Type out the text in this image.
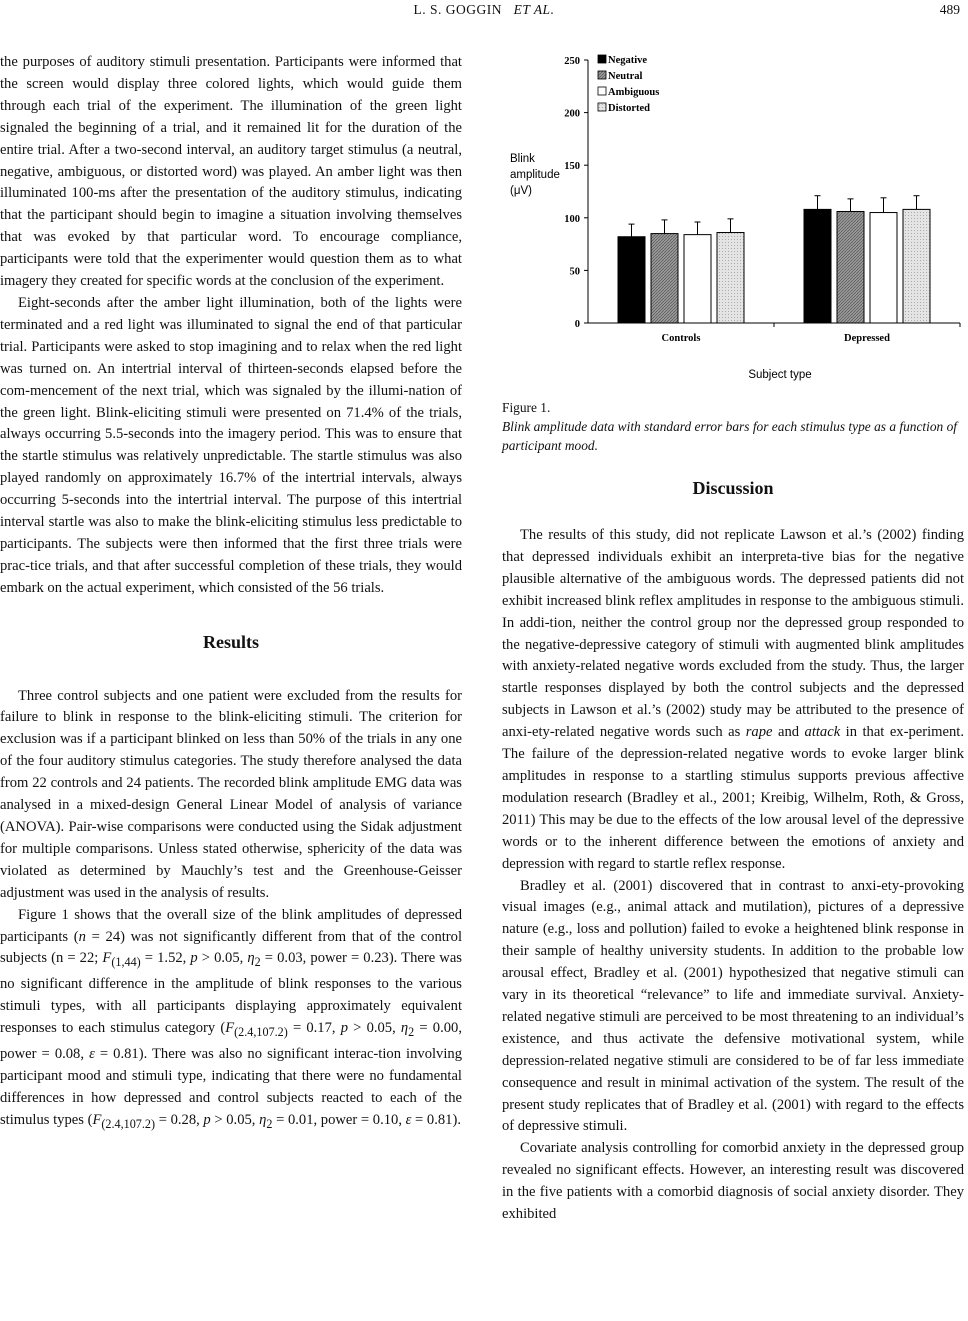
L. S. GOGGIN ET AL.	489

the purposes of auditory stimuli presentation. Participants were informed that the screen would display three colored lights, which would guide them through each trial of the experiment. The illumination of the green light signaled the beginning of a trial, and it remained lit for the duration of the entire trial. After a two-second interval, an auditory target stimulus (a neutral, negative, ambiguous, or distorted word) was played. An amber light was then illuminated 100-ms after the presentation of the auditory stimulus, indicating that the participant should begin to imagine a situation involving themselves that was evoked by that particular word. To encourage compliance, participants were told that the experimenter would question them as to what imagery they created for specific words at the conclusion of the experiment.

Eight-seconds after the amber light illumination, both of the lights were terminated and a red light was illuminated to signal the end of that particular trial. Participants were asked to stop imagining and to relax when the red light was turned on. An intertrial interval of thirteen-seconds elapsed before the com-mencement of the next trial, which was signaled by the illumi-nation of the green light. Blink-eliciting stimuli were presented on 71.4% of the trials, always occurring 5.5-seconds into the imagery period. This was to ensure that the startle stimulus was relatively unpredictable. The startle stimulus was also played randomly on approximately 16.7% of the intertrial intervals, always occurring 5-seconds into the intertrial interval. The purpose of this intertrial interval startle was also to make the blink-eliciting stimulus less predictable to participants. The subjects were then informed that the first three trials were prac-tice trials, and that after successful completion of these trials, they would embark on the actual experiment, which consisted of the 56 trials.

Results

Three control subjects and one patient were excluded from the results for failure to blink in response to the blink-eliciting stimuli. The criterion for exclusion was if a participant blinked on less than 50% of the trials in any one of the four auditory stimulus categories. The study therefore analysed the data from 22 controls and 24 patients. The recorded blink amplitude EMG data was analysed in a mixed-design General Linear Model of analysis of variance (ANOVA). Pair-wise comparisons were conducted using the Sidak adjustment for multiple comparisons. Unless stated otherwise, sphericity of the data was violated as determined by Mauchly’s test and the Greenhouse-Geisser adjustment was used in the analysis of results.

Figure 1 shows that the overall size of the blink amplitudes of depressed participants (n = 24) was not significantly different from that of the control subjects (n = 22; $F_{(1,44)} = 1.52$, p > 0.05, $\eta_2 = 0.03$, power = 0.23). There was no significant difference in the amplitude of blink responses to the various stimuli types, with all participants displaying approximately equivalent responses to each stimulus category ($F_{(2.4,107.2)} = 0.17$, p > 0.05, $\eta_2 = 0.00$, power = 0.08, ε = 0.81). There was also no significant interac-tion involving participant mood and stimuli type, indicating that there were no fundamental differences in how depressed and control subjects reacted to each of the stimulus types ($F_{(2.4,107.2)} = 0.28$, p > 0.05, $\eta_2 = 0.01$, power = 0.10, ε = 0.81).

0
50
100
150
200
250
Controls	Depressed
Negative
Neutral
Ambiguous
Distorted
Blink
amplitude
(μV)
Subject type
Figure 1.
Blink amplitude data with standard error bars for each stimulus type as a function of participant mood.

Discussion

The results of this study, did not replicate Lawson et al.’s (2002) finding that depressed individuals exhibit an interpreta-tive bias for the negative plausible alternative of the ambiguous words. The depressed patients did not exhibit increased blink reflex amplitudes in response to the ambiguous stimuli. In addi-tion, neither the control group nor the depressed group responded to the negative-depressive category of stimuli with augmented blink amplitudes with anxiety-related negative words excluded from the study. Thus, the larger startle responses displayed by both the control subjects and the depressed subjects in Lawson et al.’s (2002) study may be attributed to the presence of anxi-ety-related negative words such as rape and attack in that ex-periment. The failure of the depression-related negative words to evoke larger blink amplitudes in response to a startling stimulus supports previous affective modulation research (Bradley et al., 2001; Kreibig, Wilhelm, Roth, & Gross, 2011) This may be due to the effects of the low arousal level of the depressive words or to the inherent difference between the emotions of anxiety and depression with regard to startle reflex response.

Bradley et al. (2001) discovered that in contrast to anxi-ety-provoking visual images (e.g., animal attack and mutilation), pictures of a depressive nature (e.g., loss and pollution) failed to evoke a heightened blink response in their sample of healthy university students. In addition to the probable low arousal effect, Bradley et al. (2001) hypothesized that negative stimuli can vary in its theoretical “relevance” to life and immediate survival. Anxiety-related negative stimuli are perceived to be most threatening to an individual’s existence, and thus activate the defensive motivational system, while depression-related negative stimuli are considered to be of far less immediate consequence and result in minimal activation of the system. The result of the present study replicates that of Bradley et al. (2001) with regard to the effects of depressive stimuli.

Covariate analysis controlling for comorbid anxiety in the depressed group revealed no significant effects. However, an interesting result was discovered in the five patients with a comorbid diagnosis of social anxiety disorder. They exhibited
